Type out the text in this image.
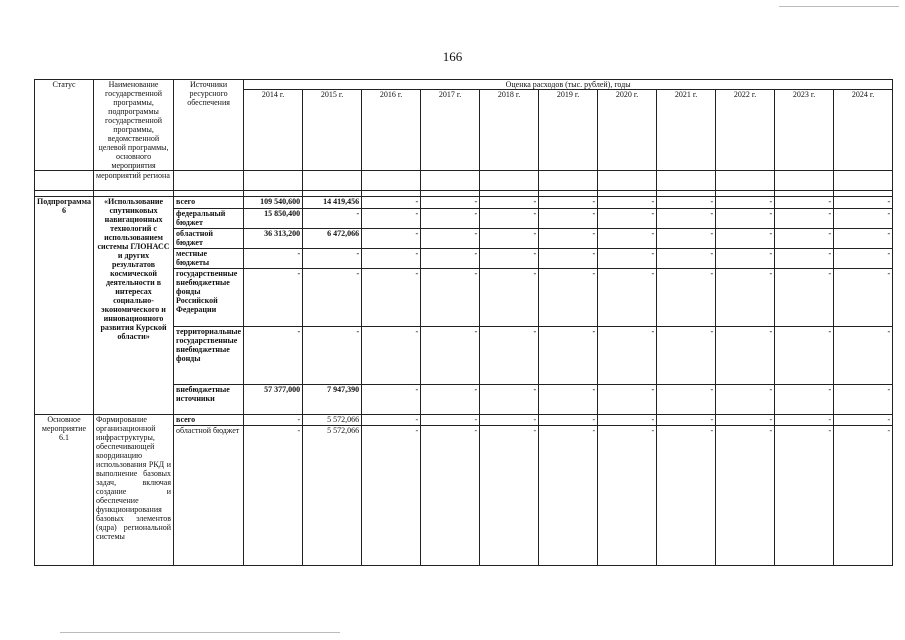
166
Статус	Наименование государственной программы, подпрограммы государственной программы, ведомственной целевой программы, основного мероприятия	Источники ресурсного обеспечения	Оценка расходов (тыс. рублей), годы										
			2014 г.	2015 г.	2016 г.	2017 г.	2018 г.	2019 г.	2020 г.	2021 г.	2022 г.	2023 г.	2024 г.
	мероприятий региона												

Подпрограмма 6	«Использование спутниковых навигационных технологий с использованием системы ГЛОНАСС и других результатов космической деятельности в интересах социально-экономического и инновационного развития Курской области»	всего	109 540,600	14 419,456	-	-	-	-	-	-	-	-	-
		федеральный бюджет	15 850,400	-	-	-	-	-	-	-	-	-	-
		областной бюджет	36 313,200	6 472,066	-	-	-	-	-	-	-	-	-
		местные бюджеты	-	-	-	-	-	-	-	-	-	-	-
		государственные внебюджетные фонды Российской Федерации	-	-	-	-	-	-	-	-	-	-	-
		территориальные государственные внебюджетные фонды	-	-	-	-	-	-	-	-	-	-	-
		внебюджетные источники	57 377,000	7 947,390	-	-	-	-	-	-	-	-	-
Основное мероприятие 6.1	Формирование организационной инфраструктуры, обеспечивающей координацию использования РКД и выполнение базовых задач, включая создание и обеспечение функционирования базовых элементов (ядра) региональной системы	всего	-	5 572,066	-	-	-	-	-	-	-	-	-
		областной бюджет	-	5 572,066	-	-	-	-	-	-	-	-	-
